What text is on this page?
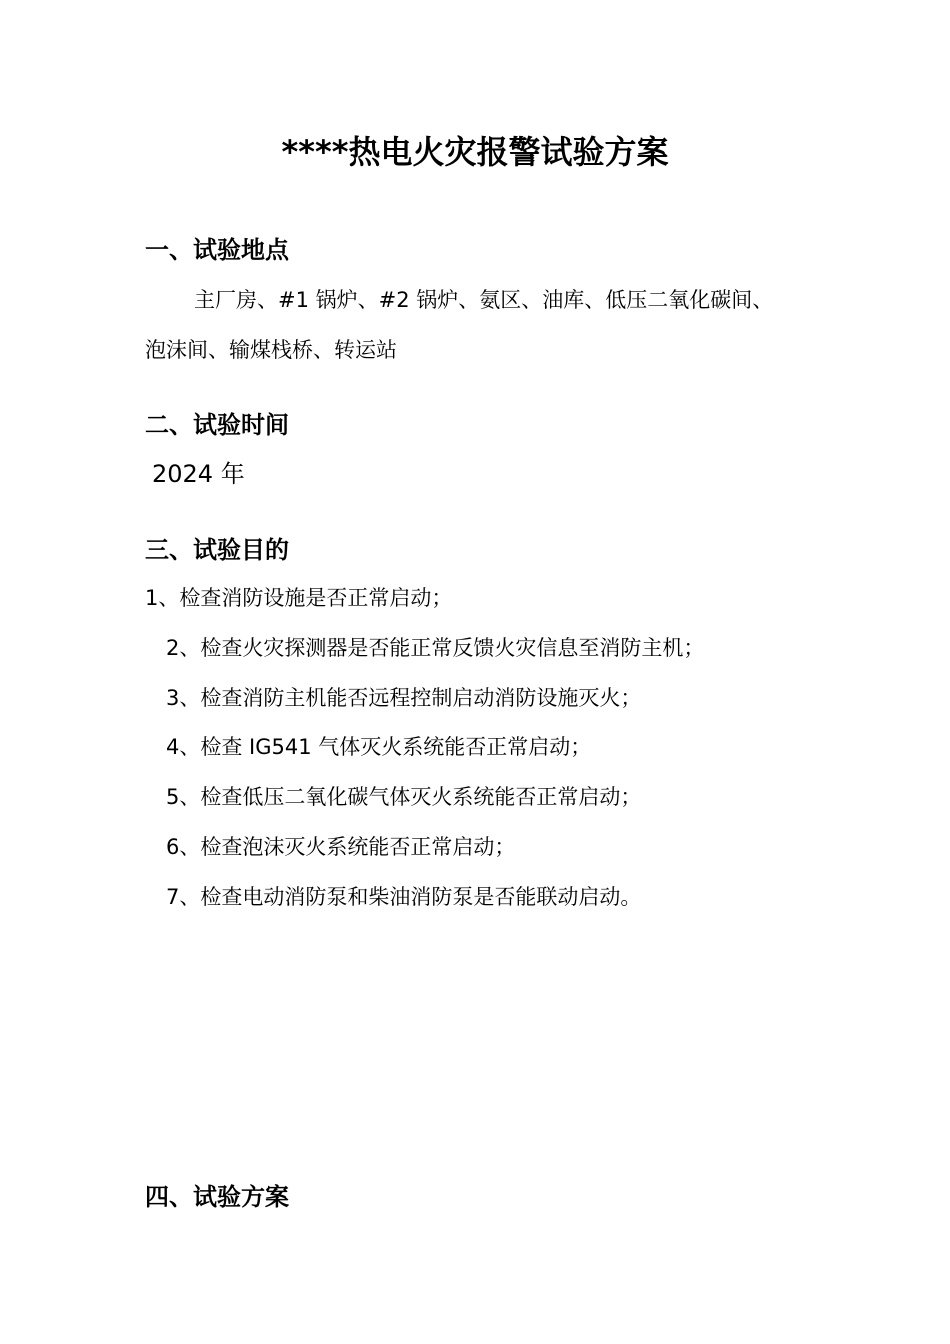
****热电火灾报警试验方案
一、试验地点
主厂房、#1 锅炉、#2 锅炉、氨区、油库、低压二氧化碳间、
泡沫间、输煤栈桥、转运站
二、试验时间
2024 年
三、试验目的
1、检查消防设施是否正常启动；
2、检查火灾探测器是否能正常反馈火灾信息至消防主机；
3、检查消防主机能否远程控制启动消防设施灭火；
4、检查 IG541 气体灭火系统能否正常启动；
5、检查低压二氧化碳气体灭火系统能否正常启动；
6、检查泡沫灭火系统能否正常启动；
7、检查电动消防泵和柴油消防泵是否能联动启动。
四、试验方案
